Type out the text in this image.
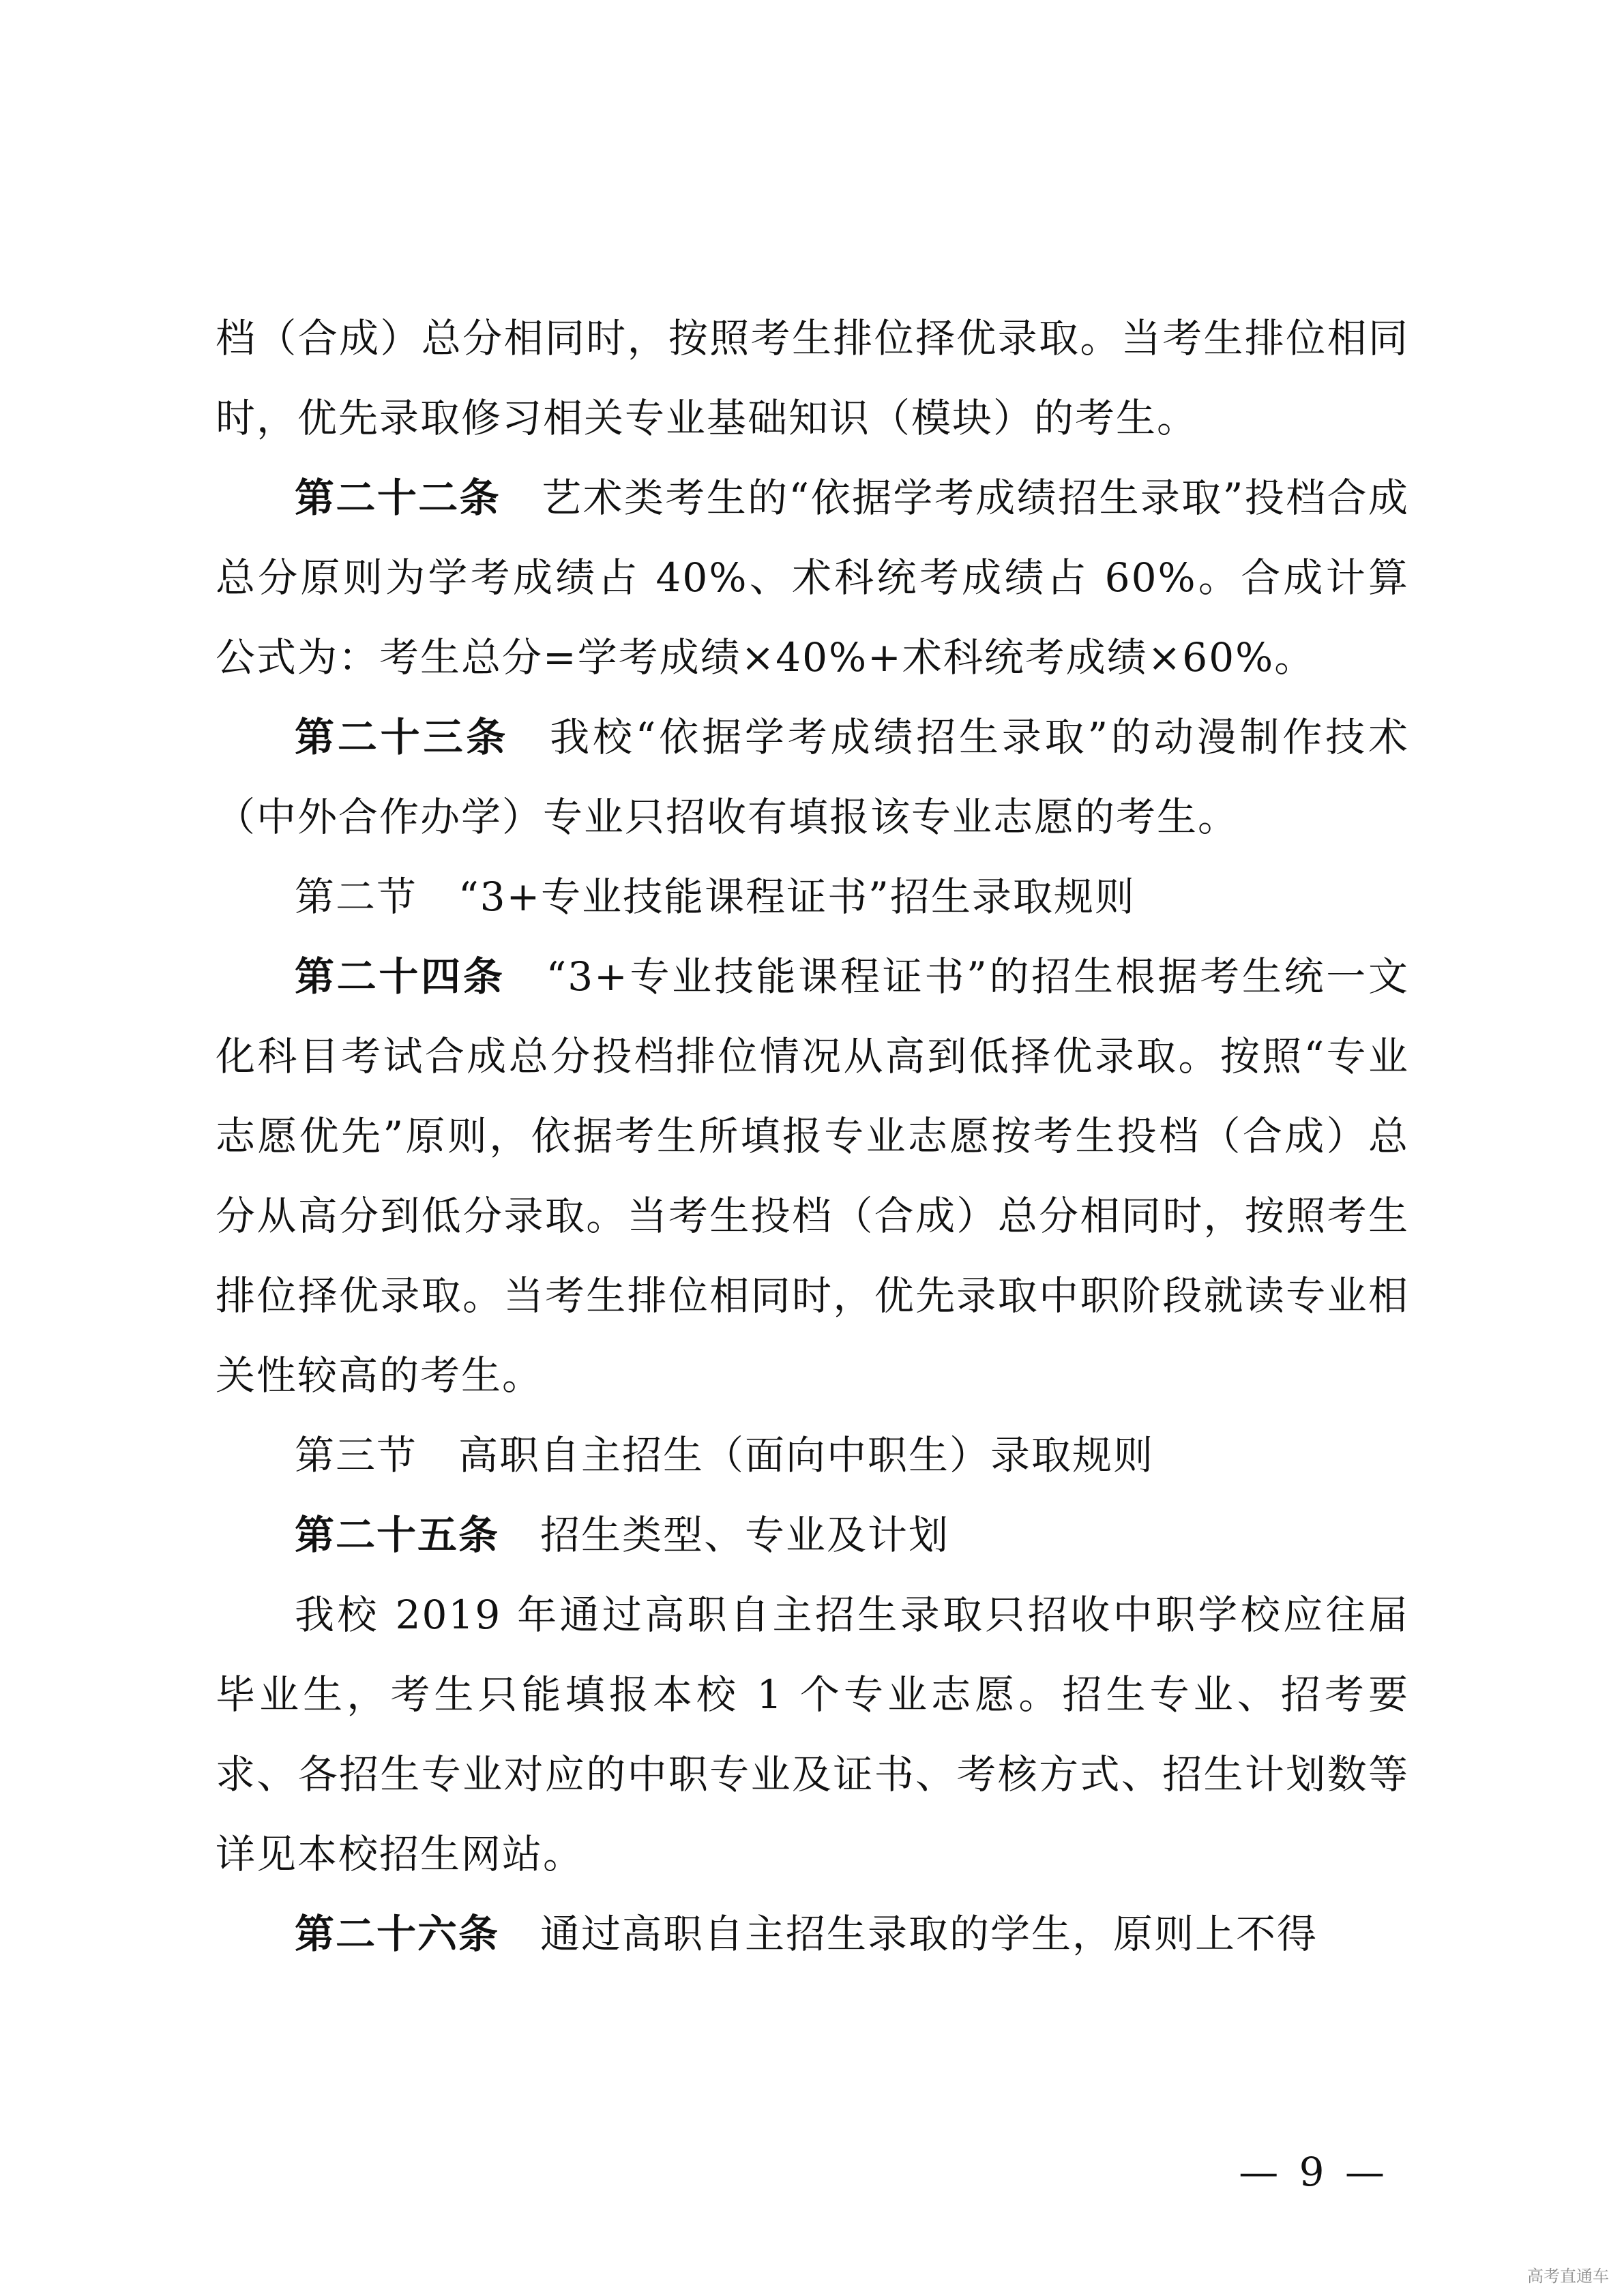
档（合成）总分相同时，按照考生排位择优录取。当考生排位相同时，优先录取修习相关专业基础知识（模块）的考生。

第二十二条 艺术类考生的“依据学考成绩招生录取”投档合成总分原则为学考成绩占 40%、术科统考成绩占 60%。合成计算公式为：考生总分=学考成绩×40%+术科统考成绩×60%。

第二十三条 我校“依据学考成绩招生录取”的动漫制作技术（中外合作办学）专业只招收有填报该专业志愿的考生。

第二节 “3+专业技能课程证书”招生录取规则

第二十四条 “3+专业技能课程证书”的招生根据考生统一文化科目考试合成总分投档排位情况从高到低择优录取。按照“专业志愿优先”原则，依据考生所填报专业志愿按考生投档（合成）总分从高分到低分录取。当考生投档（合成）总分相同时，按照考生排位择优录取。当考生排位相同时，优先录取中职阶段就读专业相关性较高的考生。

第三节 高职自主招生（面向中职生）录取规则

第二十五条 招生类型、专业及计划

我校 2019 年通过高职自主招生录取只招收中职学校应往届毕业生，考生只能填报本校 1 个专业志愿。招生专业、招考要求、各招生专业对应的中职专业及证书、考核方式、招生计划数等详见本校招生网站。

第二十六条 通过高职自主招生录取的学生，原则上不得

— 9 —
高考直通车
